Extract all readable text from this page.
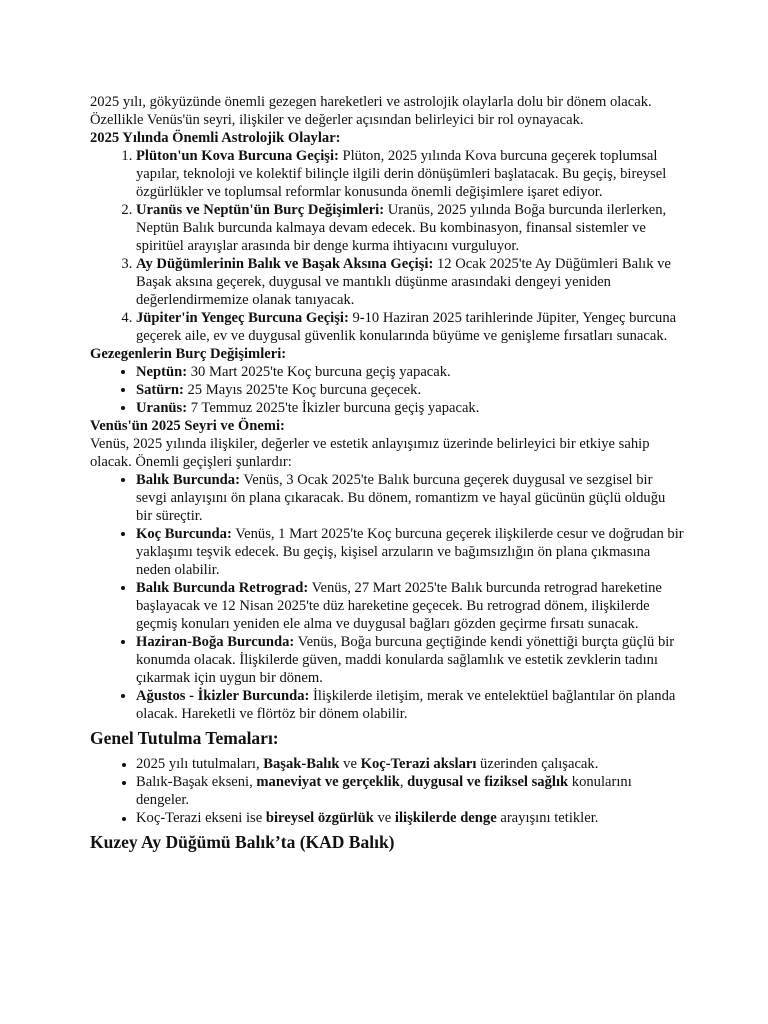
2025 yılı, gökyüzünde önemli gezegen hareketleri ve astrolojik olaylarla dolu bir dönem olacak.
Özellikle Venüs'ün seyri, ilişkiler ve değerler açısından belirleyici bir rol oynayacak.

2025 Yılında Önemli Astrolojik Olaylar:

1. Plüton'un Kova Burcuna Geçişi: Plüton, 2025 yılında Kova burcuna geçerek toplumsal yapılar, teknoloji ve kolektif bilinçle ilgili derin dönüşümleri başlatacak. Bu geçiş, bireysel özgürlükler ve toplumsal reformlar konusunda önemli değişimlere işaret ediyor.
2. Uranüs ve Neptün'ün Burç Değişimleri: Uranüs, 2025 yılında Boğa burcunda ilerlerken, Neptün Balık burcunda kalmaya devam edecek. Bu kombinasyon, finansal sistemler ve spiritüel arayışlar arasında bir denge kurma ihtiyacını vurguluyor.
3. Ay Düğümlerinin Balık ve Başak Aksına Geçişi: 12 Ocak 2025'te Ay Düğümleri Balık ve Başak aksına geçerek, duygusal ve mantıklı düşünme arasındaki dengeyi yeniden değerlendirmemize olanak tanıyacak.
4. Jüpiter'in Yengeç Burcuna Geçişi: 9-10 Haziran 2025 tarihlerinde Jüpiter, Yengeç burcuna geçerek aile, ev ve duygusal güvenlik konularında büyüme ve genişleme fırsatları sunacak.

Gezegenlerin Burç Değişimleri:

• Neptün: 30 Mart 2025'te Koç burcuna geçiş yapacak.
• Satürn: 25 Mayıs 2025'te Koç burcuna geçecek.
• Uranüs: 7 Temmuz 2025'te İkizler burcuna geçiş yapacak.

Venüs'ün 2025 Seyri ve Önemi:

Venüs, 2025 yılında ilişkiler, değerler ve estetik anlayışımız üzerinde belirleyici bir etkiye sahip olacak. Önemli geçişleri şunlardır:

• Balık Burcunda: Venüs, 3 Ocak 2025'te Balık burcuna geçerek duygusal ve sezgisel bir sevgi anlayışını ön plana çıkaracak. Bu dönem, romantizm ve hayal gücünün güçlü olduğu bir süreçtir.
• Koç Burcunda: Venüs, 1 Mart 2025'te Koç burcuna geçerek ilişkilerde cesur ve doğrudan bir yaklaşımı teşvik edecek. Bu geçiş, kişisel arzuların ve bağımsızlığın ön plana çıkmasına neden olabilir.
• Balık Burcunda Retrograd: Venüs, 27 Mart 2025'te Balık burcunda retrograd hareketine başlayacak ve 12 Nisan 2025'te düz hareketine geçecek. Bu retrograd dönem, ilişkilerde geçmiş konuları yeniden ele alma ve duygusal bağları gözden geçirme fırsatı sunacak.
• Haziran-Boğa Burcunda: Venüs, Boğa burcuna geçtiğinde kendi yönettiği burçta güçlü bir konumda olacak. İlişkilerde güven, maddi konularda sağlamlık ve estetik zevklerin tadını çıkarmak için uygun bir dönem.
• Ağustos - İkizler Burcunda: İlişkilerde iletişim, merak ve entelektüel bağlantılar ön planda olacak. Hareketli ve flörtöz bir dönem olabilir.

Genel Tutulma Temaları:

• 2025 yılı tutulmaları, Başak-Balık ve Koç-Terazi aksları üzerinden çalışacak.
• Balık-Başak ekseni, maneviyat ve gerçeklik, duygusal ve fiziksel sağlık konularını dengeler.
• Koç-Terazi ekseni ise bireysel özgürlük ve ilişkilerde denge arayışını tetikler.

Kuzey Ay Düğümü Balık’ta (KAD Balık)
